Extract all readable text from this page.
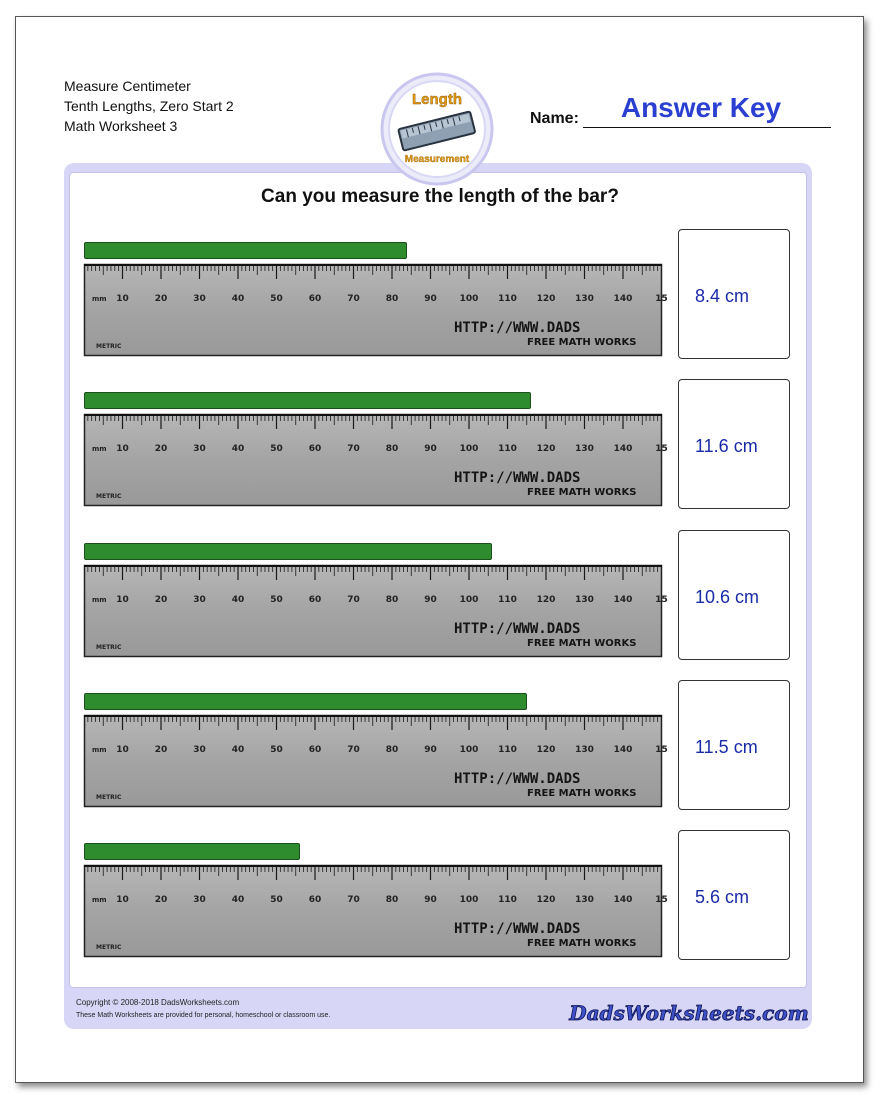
Measure Centimeter
Tenth Lengths, Zero Start 2
Math Worksheet 3
Length
Measurement
Name:	Answer Key
Can you measure the length of the bar?
mm 10	20	30	40	50	60	70	80	90	100 110 120 130 140	15
HTTP://WWW.DADS
FREE MATH WORKS
METRIC
8.4 cm
mm 10	20	30	40	50	60	70	80	90	100 110 120 130 140	15
HTTP://WWW.DADS
FREE MATH WORKS
METRIC
11.6 cm
mm 10	20	30	40	50	60	70	80	90	100 110 120 130 140	15
HTTP://WWW.DADS
FREE MATH WORKS
METRIC
10.6 cm
mm 10	20	30	40	50	60	70	80	90	100 110 120 130 140	15
HTTP://WWW.DADS
FREE MATH WORKS
METRIC
11.5 cm
mm 10	20	30	40	50	60	70	80	90	100 110 120 130 140	15
HTTP://WWW.DADS
FREE MATH WORKS
METRIC
5.6 cm
Copyright © 2008-2018 DadsWorksheets.com
These Math Worksheets are provided for personal, homeschool or classroom use.	DadsWorksheets.com
